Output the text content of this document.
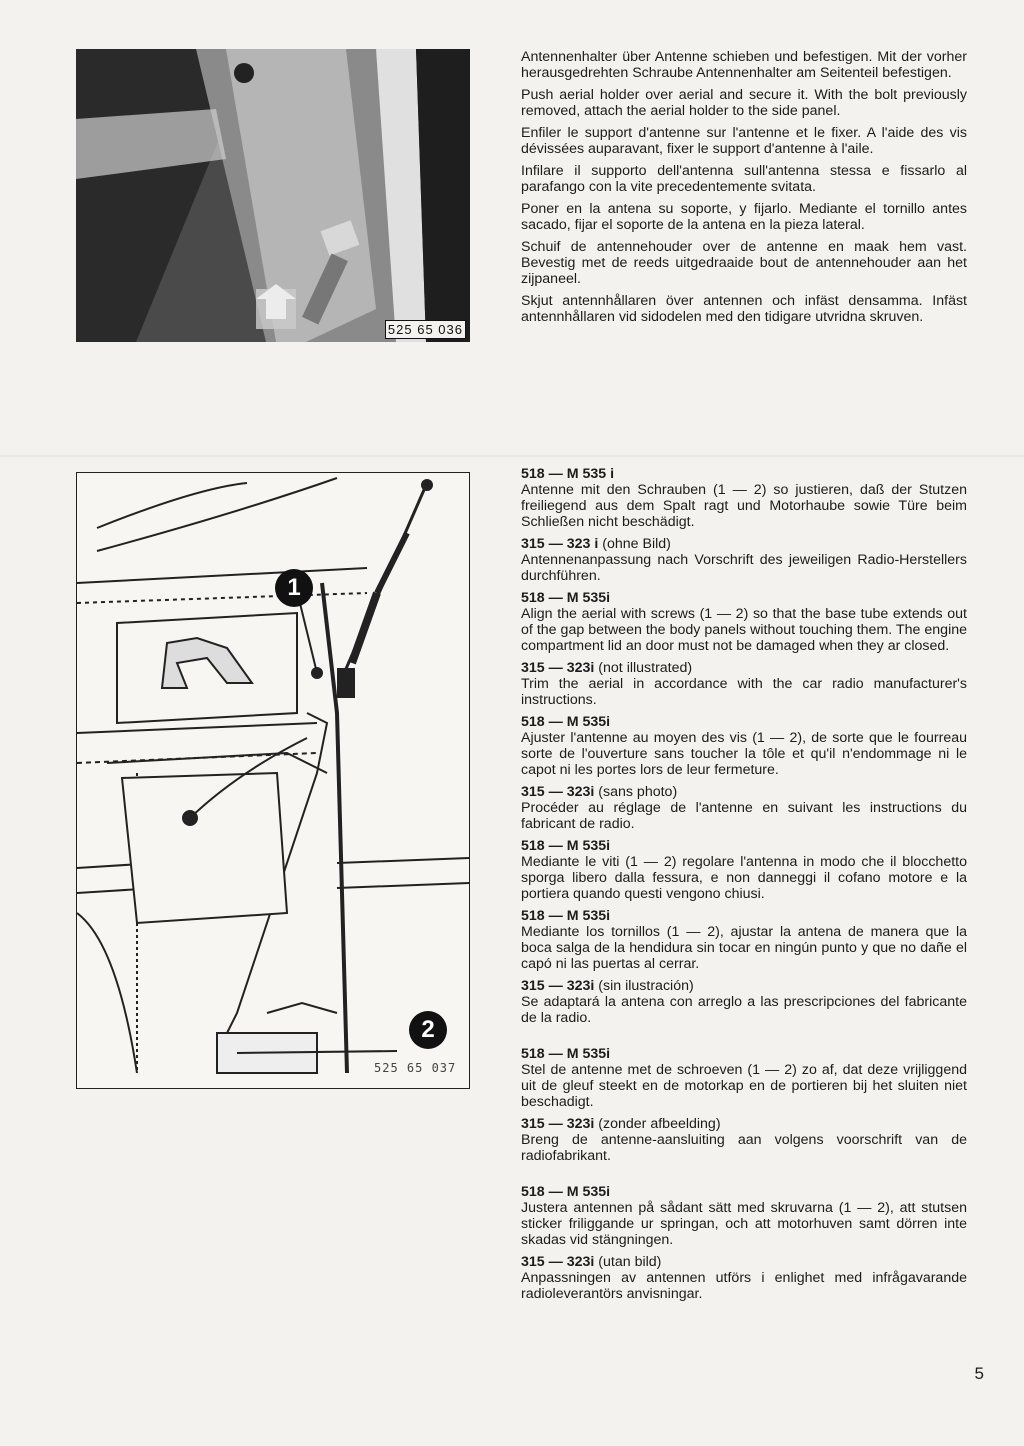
525 65 036

Antennenhalter über Antenne schieben und befestigen. Mit der vorher herausgedrehten Schraube Antennenhalter am Seitenteil befestigen.

Push aerial holder over aerial and secure it. With the bolt previously removed, attach the aerial holder to the side panel.

Enfiler le support d'antenne sur l'antenne et le fixer. A l'aide des vis dévissées auparavant, fixer le support d'antenne à l'aile.

Infilare il supporto dell'antenna sull'antenna stessa e fissarlo al parafango con la vite precedentemente svitata.

Poner en la antena su soporte, y fijarlo. Mediante el tornillo antes sacado, fijar el soporte de la antena en la pieza lateral.

Schuif de antennehouder over de antenne en maak hem vast. Bevestig met de reeds uitgedraaide bout de antennehouder aan het zijpaneel.

Skjut antennhållaren över antennen och infäst densamma. Infäst antennhållaren vid sidodelen med den tidigare utvridna skruven.

1
2
525 65 037
518 — M 535 i

Antenne mit den Schrauben (1 — 2) so justieren, daß der Stutzen freiliegend aus dem Spalt ragt und Motorhaube sowie Türe beim Schließen nicht beschädigt.

315 — 323 i (ohne Bild)

Antennenanpassung nach Vorschrift des jeweiligen Radio-Herstellers durchführen.

518 — M 535i

Align the aerial with screws (1 — 2) so that the base tube extends out of the gap between the body panels without touching them. The engine compartment lid an door must not be damaged when they ar closed.

315 — 323i (not illustrated)

Trim the aerial in accordance with the car radio manufacturer's instructions.

518 — M 535i

Ajuster l'antenne au moyen des vis (1 — 2), de sorte que le fourreau sorte de l'ouverture sans toucher la tôle et qu'il n'endommage ni le capot ni les portes lors de leur fermeture.

315 — 323i (sans photo)

Procéder au réglage de l'antenne en suivant les instructions du fabricant de radio.

518 — M 535i

Mediante le viti (1 — 2) regolare l'antenna in modo che il blocchetto sporga libero dalla fessura, e non danneggi il cofano motore e la portiera quando questi vengono chiusi.

518 — M 535i

Mediante los tornillos (1 — 2), ajustar la antena de manera que la boca salga de la hendidura sin tocar en ningún punto y que no dañe el capó ni las puertas al cerrar.

315 — 323i (sin ilustración)

Se adaptará la antena con arreglo a las prescripciones del fabricante de la radio.

518 — M 535i

Stel de antenne met de schroeven (1 — 2) zo af, dat deze vrijliggend uit de gleuf steekt en de motorkap en de portieren bij het sluiten niet beschadigt.

315 — 323i (zonder afbeelding)

Breng de antenne-aansluiting aan volgens voorschrift van de radiofabrikant.

518 — M 535i

Justera antennen på sådant sätt med skruvarna (1 — 2), att stutsen sticker friliggande ur springan, och att motorhuven samt dörren inte skadas vid stängningen.

315 — 323i (utan bild)

Anpassningen av antennen utförs i enlighet med infrågavarande radioleverantörs anvisningar.

5
